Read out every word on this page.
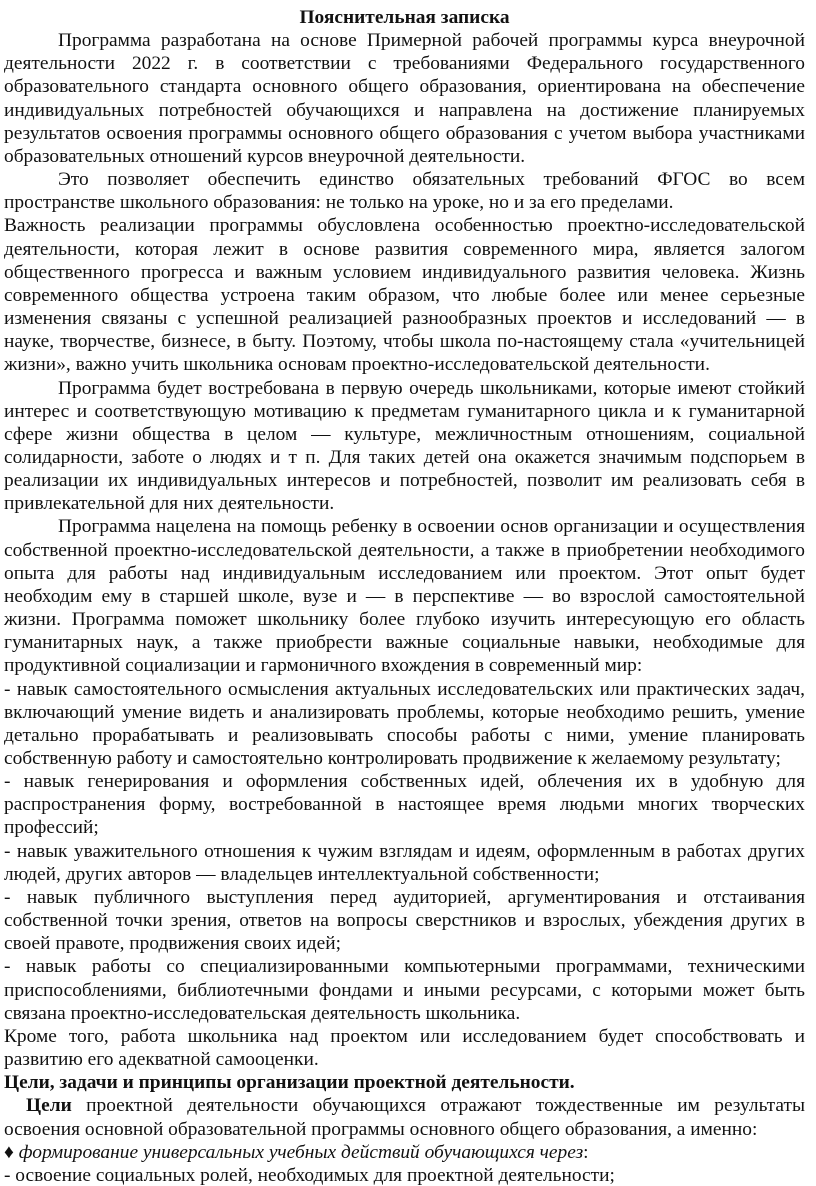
Пояснительная записка

Программа разработана на основе Примерной рабочей программы курса внеурочной деятельности 2022 г. в соответствии с требованиями Федерального государственного образовательного стандарта основного общего образования, ориентирована на обеспечение индивидуальных потребностей обучающихся и направлена на достижение планируемых результатов освоения программы основного общего образования с учетом выбора участниками образовательных отношений курсов внеурочной деятельности.

Это позволяет обеспечить единство обязательных требований ФГОС во всем пространстве школьного образования: не только на уроке, но и за его пределами.

Важность реализации программы обусловлена особенностью проектно-исследовательской деятельности, которая лежит в основе развития современного мира, является залогом общественного прогресса и важным условием индивидуального развития человека. Жизнь современного общества устроена таким образом, что любые более или менее серьезные изменения связаны с успешной реализацией разнообразных проектов и исследований — в науке, творчестве, бизнесе, в быту. Поэтому, чтобы школа по-настоящему стала «учительницей жизни», важно учить школьника основам проектно-исследовательской деятельности.

Программа будет востребована в первую очередь школьниками, которые имеют стойкий интерес и соответствующую мотивацию к предметам гуманитарного цикла и к гуманитарной сфере жизни общества в целом — культуре, межличностным отношениям, социальной солидарности, заботе о людях и т п. Для таких детей она окажется значимым подспорьем в реализации их индивидуальных интересов и потребностей, позволит им реализовать себя в привлекательной для них деятельности.

Программа нацелена на помощь ребенку в освоении основ организации и осуществления собственной проектно-исследовательской деятельности, а также в приобретении необходимого опыта для работы над индивидуальным исследованием или проектом. Этот опыт будет необходим ему в старшей школе, вузе и — в перспективе — во взрослой самостоятельной жизни. Программа поможет школьнику более глубоко изучить интересующую его область гуманитарных наук, а также приобрести важные социальные навыки, необходимые для продуктивной социализации и гармоничного вхождения в современный мир:

- навык самостоятельного осмысления актуальных исследовательских или практических задач, включающий умение видеть и анализировать проблемы, которые необходимо решить, умение детально прорабатывать и реализовывать способы работы с ними, умение планировать собственную работу и самостоятельно контролировать продвижение к желаемому результату;

- навык генерирования и оформления собственных идей, облечения их в удобную для распространения форму, востребованной в настоящее время людьми многих творческих профессий;

- навык уважительного отношения к чужим взглядам и идеям, оформленным в работах других людей, других авторов — владельцев интеллектуальной собственности;

- навык публичного выступления перед аудиторией, аргументирования и отстаивания собственной точки зрения, ответов на вопросы сверстников и взрослых, убеждения других в своей правоте, продвижения своих идей;

- навык работы со специализированными компьютерными программами, техническими приспособлениями, библиотечными фондами и иными ресурсами, с которыми может быть связана проектно-исследовательская деятельность школьника.

Кроме того, работа школьника над проектом или исследованием будет способствовать и развитию его адекватной самооценки.

Цели, задачи и принципы организации проектной деятельности.

Цели проектной деятельности обучающихся отражают тождественные им результаты освоения основной образовательной программы основного общего образования, а именно:

♦ формирование универсальных учебных действий обучающихся через:

- освоение социальных ролей, необходимых для проектной деятельности;
